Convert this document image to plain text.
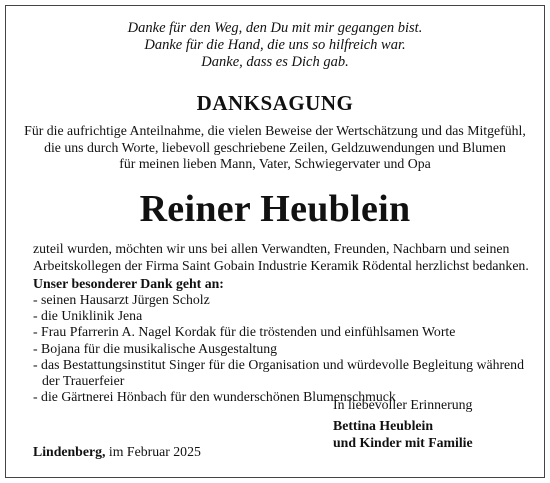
Danke für den Weg, den Du mit mir gegangen bist.
Danke für die Hand, die uns so hilfreich war.
Danke, dass es Dich gab.
DANKSAGUNG
Für die aufrichtige Anteilnahme, die vielen Beweise der Wertschätzung und das Mitgefühl,
die uns durch Worte, liebevoll geschriebene Zeilen, Geldzuwendungen und Blumen
für meinen lieben Mann, Vater, Schwiegervater und Opa
Reiner Heublein
zuteil wurden, möchten wir uns bei allen Verwandten, Freunden, Nachbarn und seinen
Arbeitskollegen der Firma Saint Gobain Industrie Keramik Rödental herzlichst bedanken.
Unser besonderer Dank geht an:
- seinen Hausarzt Jürgen Scholz
- die Uniklinik Jena
- Frau Pfarrerin A. Nagel Kordak für die tröstenden und einfühlsamen Worte
- Bojana für die musikalische Ausgestaltung
- das Bestattungsinstitut Singer für die Organisation und würdevolle Begleitung während
der Trauerfeier
- die Gärtnerei Hönbach für den wunderschönen Blumenschmuck
In liebevoller Erinnerung
Bettina Heublein
und Kinder mit Familie
Lindenberg, im Februar 2025
